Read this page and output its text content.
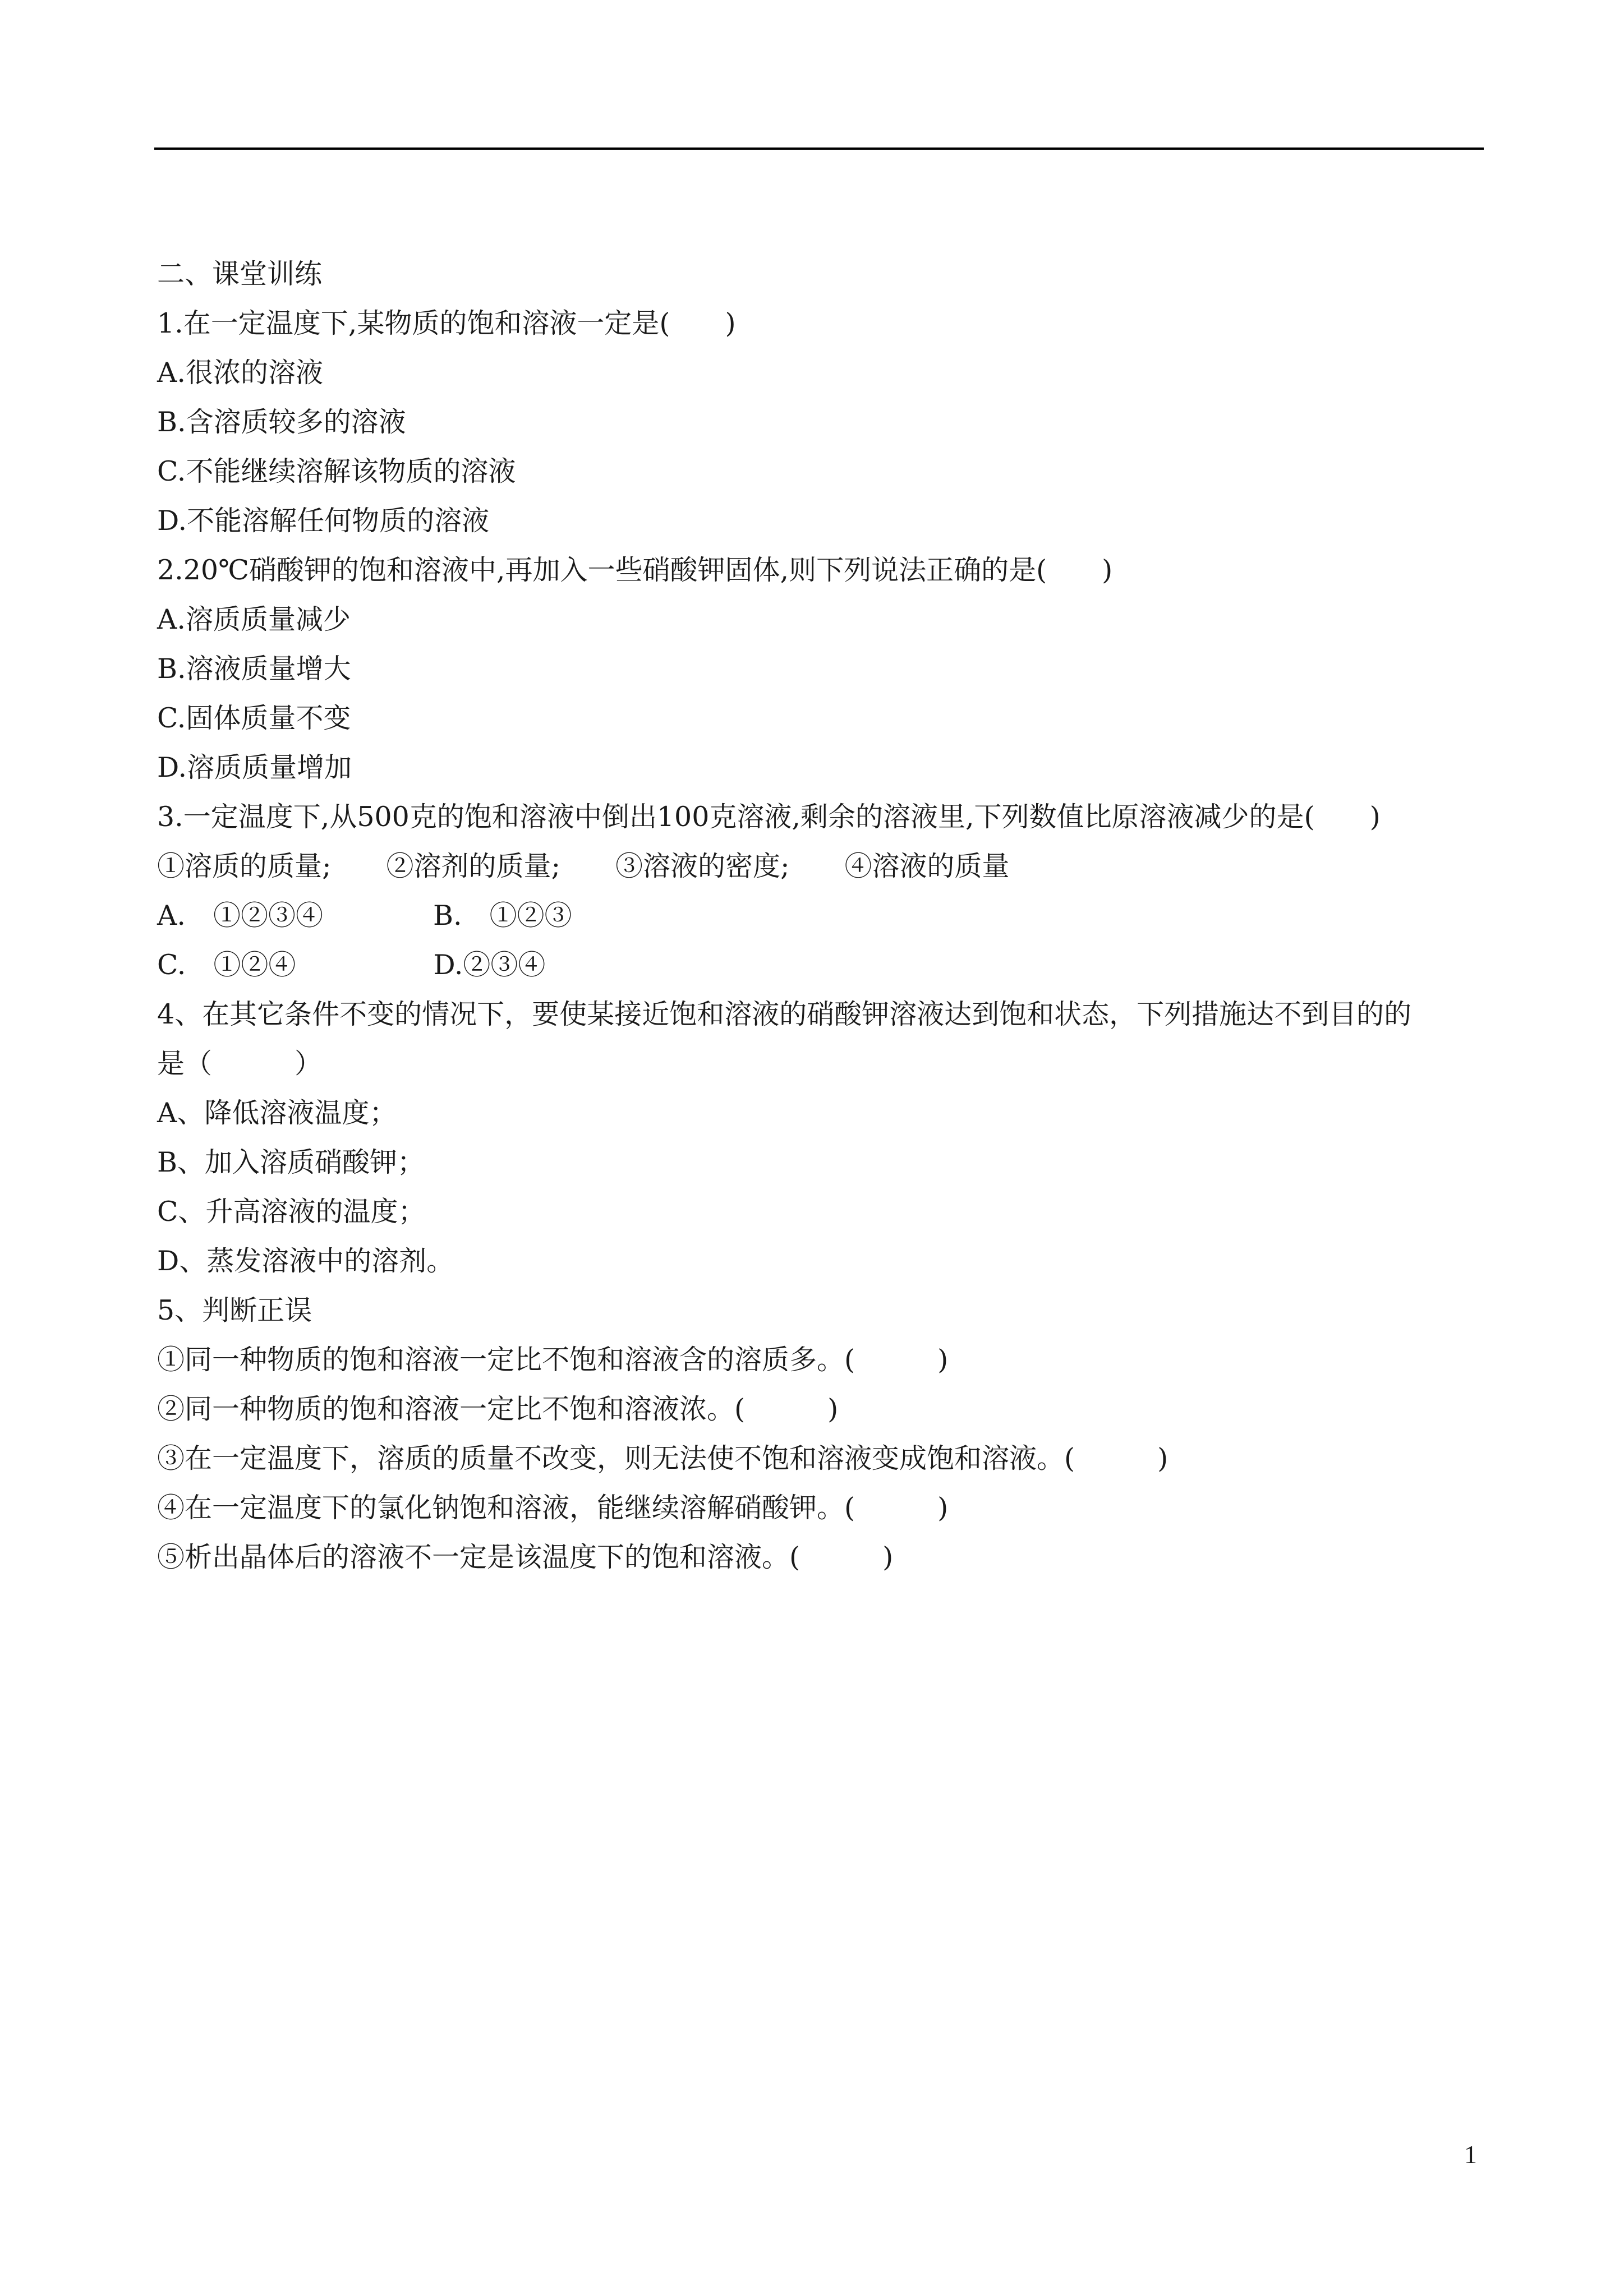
二、课堂训练
1.在一定温度下,某物质的饱和溶液一定是(　　)
A.很浓的溶液
B.含溶质较多的溶液
C.不能继续溶解该物质的溶液
D.不能溶解任何物质的溶液
2.20℃硝酸钾的饱和溶液中,再加入一些硝酸钾固体,则下列说法正确的是(　　)
A.溶质质量减少
B.溶液质量增大
C.固体质量不变
D.溶质质量增加
3.一定温度下,从500克的饱和溶液中倒出100克溶液,剩余的溶液里,下列数值比原溶液减少的是(　　)
①溶质的质量;　　②溶剂的质量;　　③溶液的密度;　　④溶液的质量
A.　①②③④　　　　B.　①②③
C.　①②④　　　　　D.②③④
4、在其它条件不变的情况下，要使某接近饱和溶液的硝酸钾溶液达到饱和状态，下列措施达不到目的的
是（　　　）
A、降低溶液温度；
B、加入溶质硝酸钾；
C、升高溶液的温度；
D、蒸发溶液中的溶剂。
5、判断正误
①同一种物质的饱和溶液一定比不饱和溶液含的溶质多。(　　　)
②同一种物质的饱和溶液一定比不饱和溶液浓。(　　　)
③在一定温度下，溶质的质量不改变，则无法使不饱和溶液变成饱和溶液。(　　　)
④在一定温度下的氯化钠饱和溶液，能继续溶解硝酸钾。(　　　)
⑤析出晶体后的溶液不一定是该温度下的饱和溶液。(　　　)
1
